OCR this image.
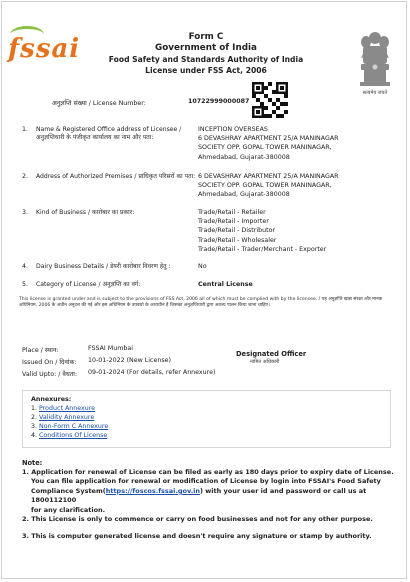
fssai	Form C
Government of India
Food Safety and Standards Authority of India
License under FSS Act, 2006
सत्यमेव जयते
अनुज्ञप्ति संख्या / License Number:	10722999000087
1. Name & Registered Office address of Licensee / अनुज्ञप्तिधारी के पंजीकृत कार्यालय का नाम और पता:
INCEPTION OVERSEAS
6 DEVASHRAY APARTMENT 25/A MANINAGAR
SOCIETY OPP. GOPAL TOWER MANINAGAR,
Ahmedabad, Gujarat-380008
2. Address of Authorized Premises / प्राधिकृत परिसरों का पता: 6 DEVASHRAY APARTMENT 25/A MANINAGAR
SOCIETY OPP. GOPAL TOWER MANINAGAR,
Ahmedabad, Gujarat-380008
3. Kind of Business / कारोबार का प्रकार:	Trade/Retail - Retailer
Trade/Retail - Importer
Trade/Retail - Distributor
Trade/Retail - Wholesaler
Trade/Retail - Trader/Merchant - Exporter
4. Dairy Business Details / डेयरी कारोबार विवरण हेतु :	No
5. Category of License / अनुज्ञप्ति का वर्ग:	Central License
This license is granted under and is subject to the provisions of FSS Act, 2006 all of which must be complied with by the licensee. / यह अनुज्ञप्ति खाद्य संरक्षा और मानक अधिनियम, 2006 के अधीन अनुदत्त की गई और इस अधिनियम के उपबंधो के अध्यधीन है जिसका अनुज्ञप्तिधारी द्वारा अवश्य पालन किया जाना चाहिए।
Place / स्थान:	FSSAI Mumbai
Issued On / दिनांक: 10-01-2022 (New License)
Valid Upto: / वैधता: 09-01-2024 (For details, refer Annexure)
Designated Officer
नामित अधिकारी
Annexures:
1. Product Annexure
2. Validity Annexure
3. Non-Form C Annexure
4. Conditions Of License
Note:
1. Application for renewal of License can be filed as early as 180 days prior to expiry date of License.
You can file application for renewal or modification of License by login into FSSAI's Food Safety
Compliance System(https://foscos.fssai.gov.in) with your user id and password or call us at 1800112100
for any clarification.
2. This License is only to commence or carry on food businesses and not for any other purpose.
3. This is computer generated license and doesn't require any signature or stamp by authority.
